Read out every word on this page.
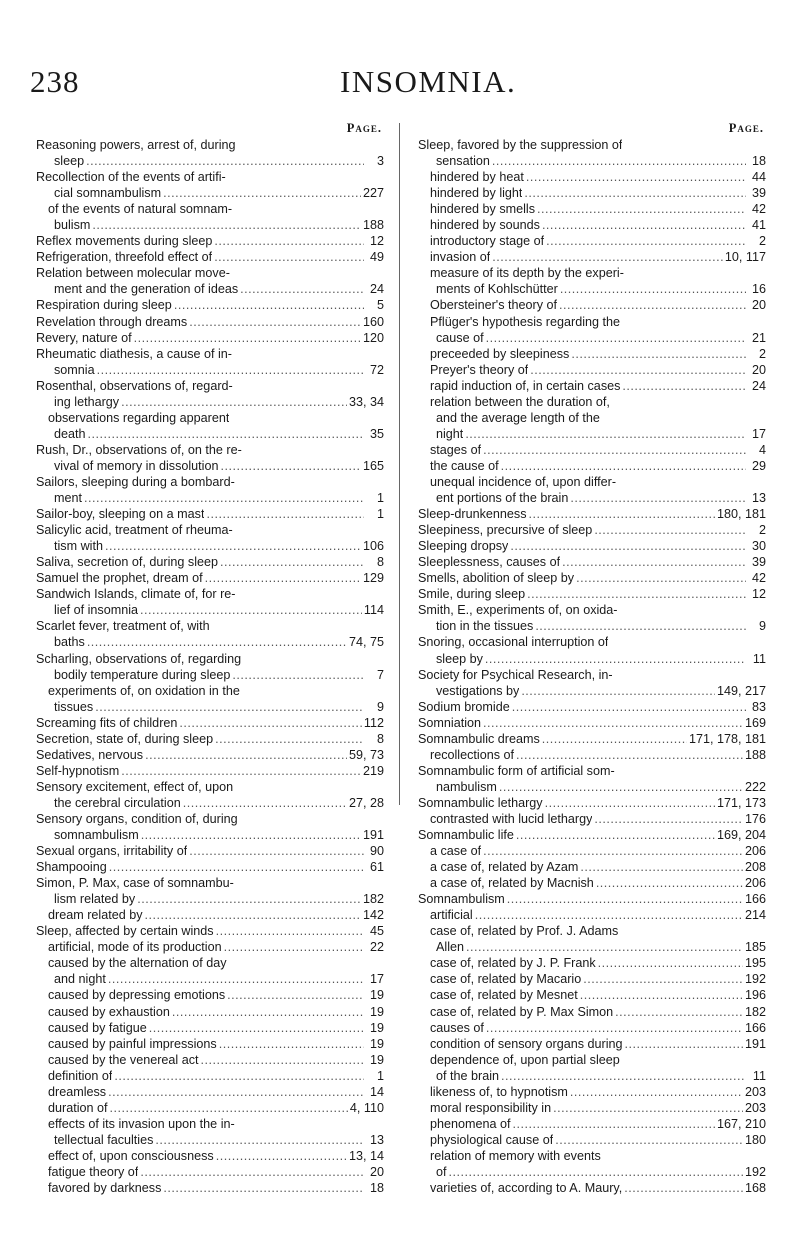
238	INSOMNIA.
Page.
Reasoning powers, arrest of, during
sleep .....	3
Recollection of the events of artifi-
cial somnambulism .....	227
of the events of natural somnam-
bulism .....	188
Reflex movements during sleep .....	12
Refrigeration, threefold effect of .....	49
Relation between molecular move-
ment and the generation of ideas .....	24
Respiration during sleep .....	5
Revelation through dreams .....	160
Revery, nature of .....	120
Rheumatic diathesis, a cause of in-
somnia .....	72
Rosenthal, observations of, regard-
ing lethargy .....	33, 34
observations regarding apparent
death .....	35
Rush, Dr., observations of, on the re-
vival of memory in dissolution .....	165
Sailors, sleeping during a bombard-
ment .....	1
Sailor-boy, sleeping on a mast .....	1
Salicylic acid, treatment of rheuma-
tism with .....	106
Saliva, secretion of, during sleep .....	8
Samuel the prophet, dream of .....	129
Sandwich Islands, climate of, for re-
lief of insomnia .....	114
Scarlet fever, treatment of, with
baths .....	74, 75
Scharling, observations of, regarding
bodily temperature during sleep .....	7
experiments of, on oxidation in the
tissues .....	9
Screaming fits of children .....	112
Secretion, state of, during sleep .....	8
Sedatives, nervous .....	59, 73
Self-hypnotism .....	219
Sensory excitement, effect of, upon
the cerebral circulation .....	27, 28
Sensory organs, condition of, during
somnambulism .....	191
Sexual organs, irritability of .....	90
Shampooing .....	61
Simon, P. Max, case of somnambu-
lism related by .....	182
dream related by .....	142
Sleep, affected by certain winds .....	45
artificial, mode of its production .....	22
caused by the alternation of day
and night .....	17
caused by depressing emotions .....	19
caused by exhaustion .....	19
caused by fatigue .....	19
caused by painful impressions .....	19
caused by the venereal act .....	19
definition of .....	1
dreamless .....	14
duration of .....	4, 110
effects of its invasion upon the in-
tellectual faculties .....	13
effect of, upon consciousness .....	13, 14
fatigue theory of .....	20
favored by darkness .....	18
Page.
Sleep, favored by the suppression of
sensation .....	18
hindered by heat .....	44
hindered by light .....	39
hindered by smells .....	42
hindered by sounds .....	41
introductory stage of .....	2
invasion of .....	10, 117
measure of its depth by the experi-
ments of Kohlschütter .....	16
Obersteiner's theory of .....	20
Pflüger's hypothesis regarding the
cause of .....	21
preceeded by sleepiness .....	2
Preyer's theory of .....	20
rapid induction of, in certain cases .....	24
relation between the duration of,
and the average length of the
night .....	17
stages of .....	4
the cause of .....	29
unequal incidence of, upon differ-
ent portions of the brain .....	13
Sleep-drunkenness .....	180, 181
Sleepiness, precursive of sleep .....	2
Sleeping dropsy .....	30
Sleeplessness, causes of .....	39
Smells, abolition of sleep by .....	42
Smile, during sleep .....	12
Smith, E., experiments of, on oxida-
tion in the tissues .....	9
Snoring, occasional interruption of
sleep by .....	11
Society for Psychical Research, in-
vestigations by .....	149, 217
Sodium bromide .....	83
Somniation .....	169
Somnambulic dreams .....	171, 178, 181
recollections of .....	188
Somnambulic form of artificial som-
nambulism .....	222
Somnambulic lethargy .....	171, 173
contrasted with lucid lethargy .....	176
Somnambulic life .....	169, 204
a case of .....	206
a case of, related by Azam .....	208
a case of, related by Macnish .....	206
Somnambulism .....	166
artificial .....	214
case of, related by Prof. J. Adams
Allen .....	185
case of, related by J. P. Frank .....	195
case of, related by Macario .....	192
case of, related by Mesnet .....	196
case of, related by P. Max Simon .....	182
causes of .....	166
condition of sensory organs during .....	191
dependence of, upon partial sleep
of the brain .....	11
likeness of, to hypnotism .....	203
moral responsibility in .....	203
phenomena of .....	167, 210
physiological cause of .....	180
relation of memory with events
of .....	192
varieties of, according to A. Maury, .....	168
